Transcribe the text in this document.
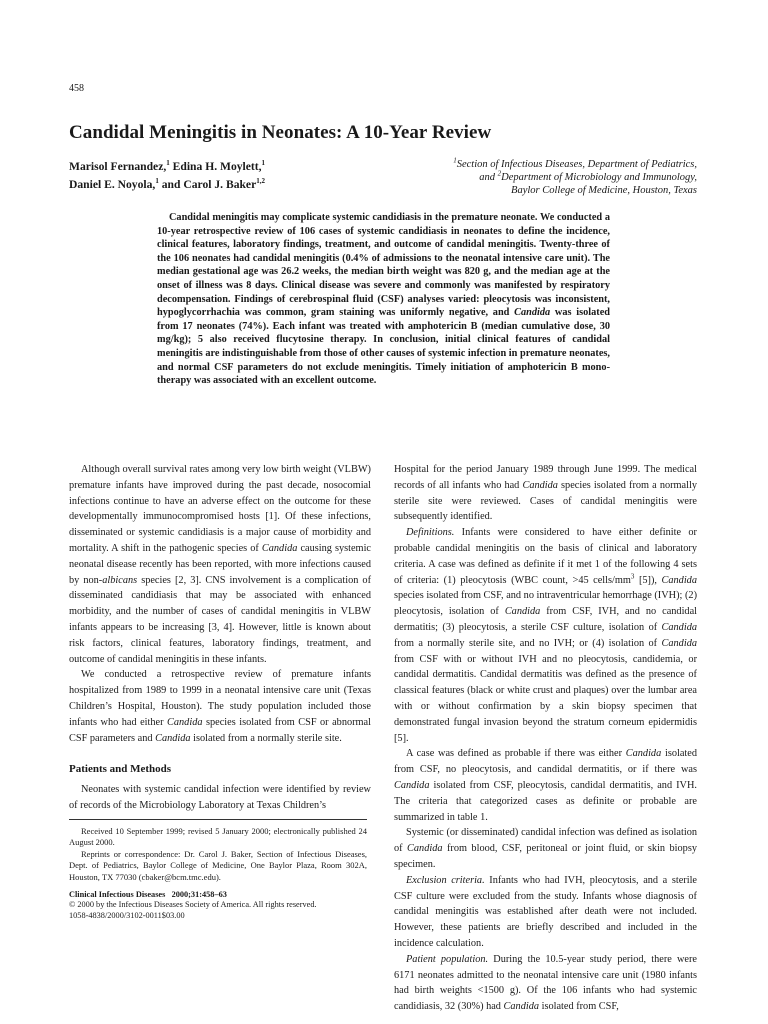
458
Candidal Meningitis in Neonates: A 10-Year Review
Marisol Fernandez,$^1$ Edina H. Moylett,$^1$
Daniel E. Noyola,$^1$ and Carol J. Baker$^{1,2}$
$^1$Section of Infectious Diseases, Department of Pediatrics,
and $^2$Department of Microbiology and Immunology,
Baylor College of Medicine, Houston, Texas

Candidal meningitis may complicate systemic candidiasis in the premature neonate. We conducted a 10-year retrospective review of 106 cases of systemic candidiasis in neonates to define the incidence, clinical features, laboratory findings, treatment, and outcome of candidal meningitis. Twenty-three of the 106 neonates had candidal meningitis (0.4% of admissions to the neonatal intensive care unit). The median gestational age was 26.2 weeks, the median birth weight was 820 g, and the median age at the onset of illness was 8 days. Clinical disease was severe and commonly was manifested by respiratory decompensation. Findings of cerebrospinal fluid (CSF) analyses varied: pleocytosis was inconsistent, hypoglycorrhachia was common, gram staining was uniformly negative, and Candida was isolated from 17 neonates (74%). Each infant was treated with amphotericin B (median cumulative dose, 30 mg/kg); 5 also received flucytosine therapy. In conclusion, initial clinical features of candidal meningitis are indistinguishable from those of other causes of systemic infection in premature neonates, and normal CSF parameters do not exclude meningitis. Timely initiation of amphotericin B monotherapy was associated with an excellent outcome.

Although overall survival rates among very low birth weight (VLBW) premature infants have improved during the past decade, nosocomial infections continue to have an adverse effect on the outcome for these developmentally immunocompromised hosts [1]. Of these infections, disseminated or systemic candidiasis is a major cause of morbidity and mortality. A shift in the pathogenic species of Candida causing systemic neonatal disease recently has been reported, with more infections caused by non-albicans species [2, 3]. CNS involvement is a complication of disseminated candidiasis that may be associated with enhanced morbidity, and the number of cases of candidal meningitis in VLBW infants appears to be increasing [3, 4]. However, little is known about risk factors, clinical features, laboratory findings, treatment, and outcome of candidal meningitis in these infants.

We conducted a retrospective review of premature infants hospitalized from 1989 to 1999 in a neonatal intensive care unit (Texas Children’s Hospital, Houston). The study population included those infants who had either Candida species isolated from CSF or abnormal CSF parameters and Candida isolated from a normally sterile site.

Patients and Methods

Neonates with systemic candidal infection were identified by review of records of the Microbiology Laboratory at Texas Children’s

Hospital for the period January 1989 through June 1999. The medical records of all infants who had Candida species isolated from a normally sterile site were reviewed. Cases of candidal meningitis were subsequently identified.

Definitions. Infants were considered to have either definite or probable candidal meningitis on the basis of clinical and laboratory criteria. A case was defined as definite if it met 1 of the following 4 sets of criteria: (1) pleocytosis (WBC count, >45 cells/$mm^3$ [5]), Candida species isolated from CSF, and no intraventricular hemorrhage (IVH); (2) pleocytosis, isolation of Candida from CSF, IVH, and no candidal dermatitis; (3) pleocytosis, a sterile CSF culture, isolation of Candida from a normally sterile site, and no IVH; or (4) isolation of Candida from CSF with or without IVH and no pleocytosis, candidemia, or candidal dermatitis. Candidal dermatitis was defined as the presence of classical features (black or white crust and plaques) over the lumbar area with or without confirmation by a skin biopsy specimen that demonstrated fungal invasion beyond the stratum corneum epidermidis [5].

A case was defined as probable if there was either Candida isolated from CSF, no pleocytosis, and candidal dermatitis, or if there was Candida isolated from CSF, pleocytosis, candidal dermatitis, and IVH. The criteria that categorized cases as definite or probable are summarized in table 1.

Systemic (or disseminated) candidal infection was defined as isolation of Candida from blood, CSF, peritoneal or joint fluid, or skin biopsy specimen.

Exclusion criteria. Infants who had IVH, pleocytosis, and a sterile CSF culture were excluded from the study. Infants whose diagnosis of candidal meningitis was established after death were not included. However, these patients are briefly described and included in the incidence calculation.

Patient population. During the 10.5-year study period, there were 6171 neonates admitted to the neonatal intensive care unit (1980 infants had birth weights <1500 g). Of the 106 infants who had systemic candidiasis, 32 (30%) had Candida isolated from CSF,

Received 10 September 1999; revised 5 January 2000; electronically published 24 August 2000.

Reprints or correspondence: Dr. Carol J. Baker, Section of Infectious Diseases, Dept. of Pediatrics, Baylor College of Medicine, One Baylor Plaza, Room 302A, Houston, TX 77030 (cbaker@bcm.tmc.edu).

Clinical Infectious Diseases 2000;31:458–63
© 2000 by the Infectious Diseases Society of America. All rights reserved.
1058-4838/2000/3102-0011$03.00
